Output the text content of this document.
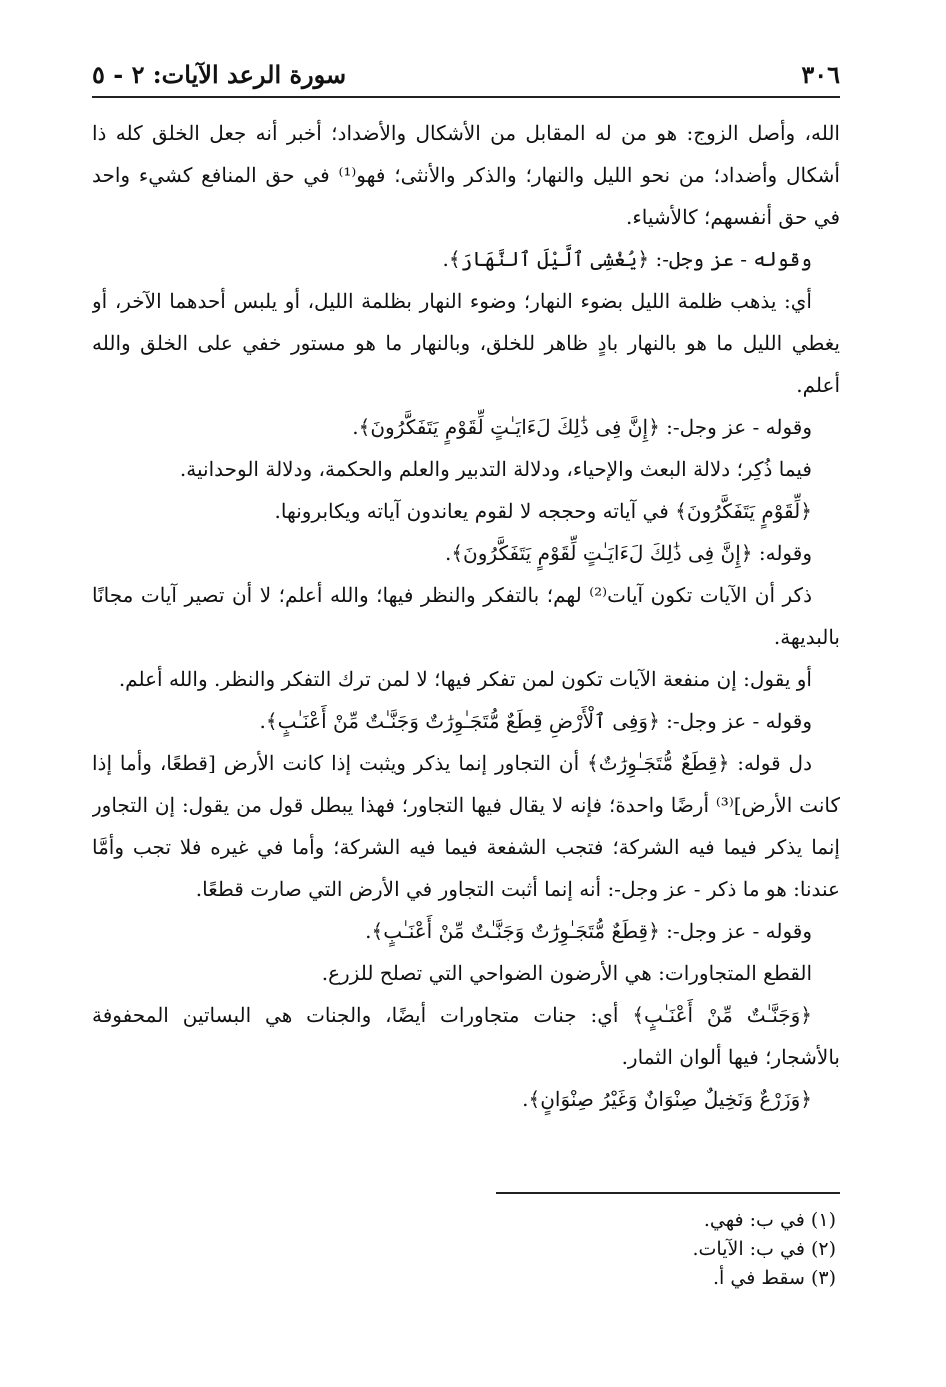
٣٠٦
سورة الرعد الآيات: ٢ - ٥

الله، وأصل الزوج: هو من له المقابل من الأشكال والأضداد؛ أخبر أنه جعل الخلق كله ذا أشكال وأضداد؛ من نحو الليل والنهار؛ والذكر والأنثى؛ فهو⁽¹⁾ في حق المنافع كشيء واحد في حق أنفسهم؛ كالأشياء.

وقوله - عز وجل-: ﴿يُغْشِى ٱلَّيْلَ ٱلنَّهَارَ﴾.

أي: يذهب ظلمة الليل بضوء النهار؛ وضوء النهار بظلمة الليل، أو يلبس أحدهما الآخر، أو يغطي الليل ما هو بالنهار بادٍ ظاهر للخلق، وبالنهار ما هو مستور خفي على الخلق والله أعلم.

وقوله - عز وجل-: ﴿إِنَّ فِى ذَٰلِكَ لَءَايَـٰتٍ لِّقَوْمٍ يَتَفَكَّرُونَ﴾.

فيما ذُكِر؛ دلالة البعث والإحياء، ودلالة التدبير والعلم والحكمة، ودلالة الوحدانية.

﴿لِّقَوْمٍ يَتَفَكَّرُونَ﴾ في آياته وحججه لا لقوم يعاندون آياته ويكابرونها.

وقوله: ﴿إِنَّ فِى ذَٰلِكَ لَءَايَـٰتٍ لِّقَوْمٍ يَتَفَكَّرُونَ﴾.

ذكر أن الآيات تكون آيات⁽²⁾ لهم؛ بالتفكر والنظر فيها؛ والله أعلم؛ لا أن تصير آيات مجانًا بالبديهة.

أو يقول: إن منفعة الآيات تكون لمن تفكر فيها؛ لا لمن ترك التفكر والنظر. والله أعلم.

وقوله - عز وجل-: ﴿وَفِى ٱلْأَرْضِ قِطَعٌ مُّتَجَـٰوِرَٰتٌ وَجَنَّـٰتٌ مِّنْ أَعْنَـٰبٍ﴾.

دل قوله: ﴿قِطَعٌ مُّتَجَـٰوِرَٰتٌ﴾ أن التجاور إنما يذكر ويثبت إذا كانت الأرض [قطعًا، وأما إذا كانت الأرض]⁽³⁾ أرضًا واحدة؛ فإنه لا يقال فيها التجاور؛ فهذا يبطل قول من يقول: إن التجاور إنما يذكر فيما فيه الشركة؛ فتجب الشفعة فيما فيه الشركة؛ وأما في غيره فلا تجب وأمَّا عندنا: هو ما ذكر - عز وجل-: أنه إنما أثبت التجاور في الأرض التي صارت قطعًا.

وقوله - عز وجل-: ﴿قِطَعٌ مُّتَجَـٰوِرَٰتٌ وَجَنَّـٰتٌ مِّنْ أَعْنَـٰبٍ﴾.

القطع المتجاورات: هي الأرضون الضواحي التي تصلح للزرع.

﴿وَجَنَّـٰتٌ مِّنْ أَعْنَـٰبٍ﴾ أي: جنات متجاورات أيضًا، والجنات هي البساتين المحفوفة بالأشجار؛ فيها ألوان الثمار.

﴿وَزَرْعٌ وَنَخِيلٌ صِنْوَانٌ وَغَيْرُ صِنْوَانٍ﴾.

(١) في ب: فهي.
(٢) في ب: الآيات.
(٣) سقط في أ.
